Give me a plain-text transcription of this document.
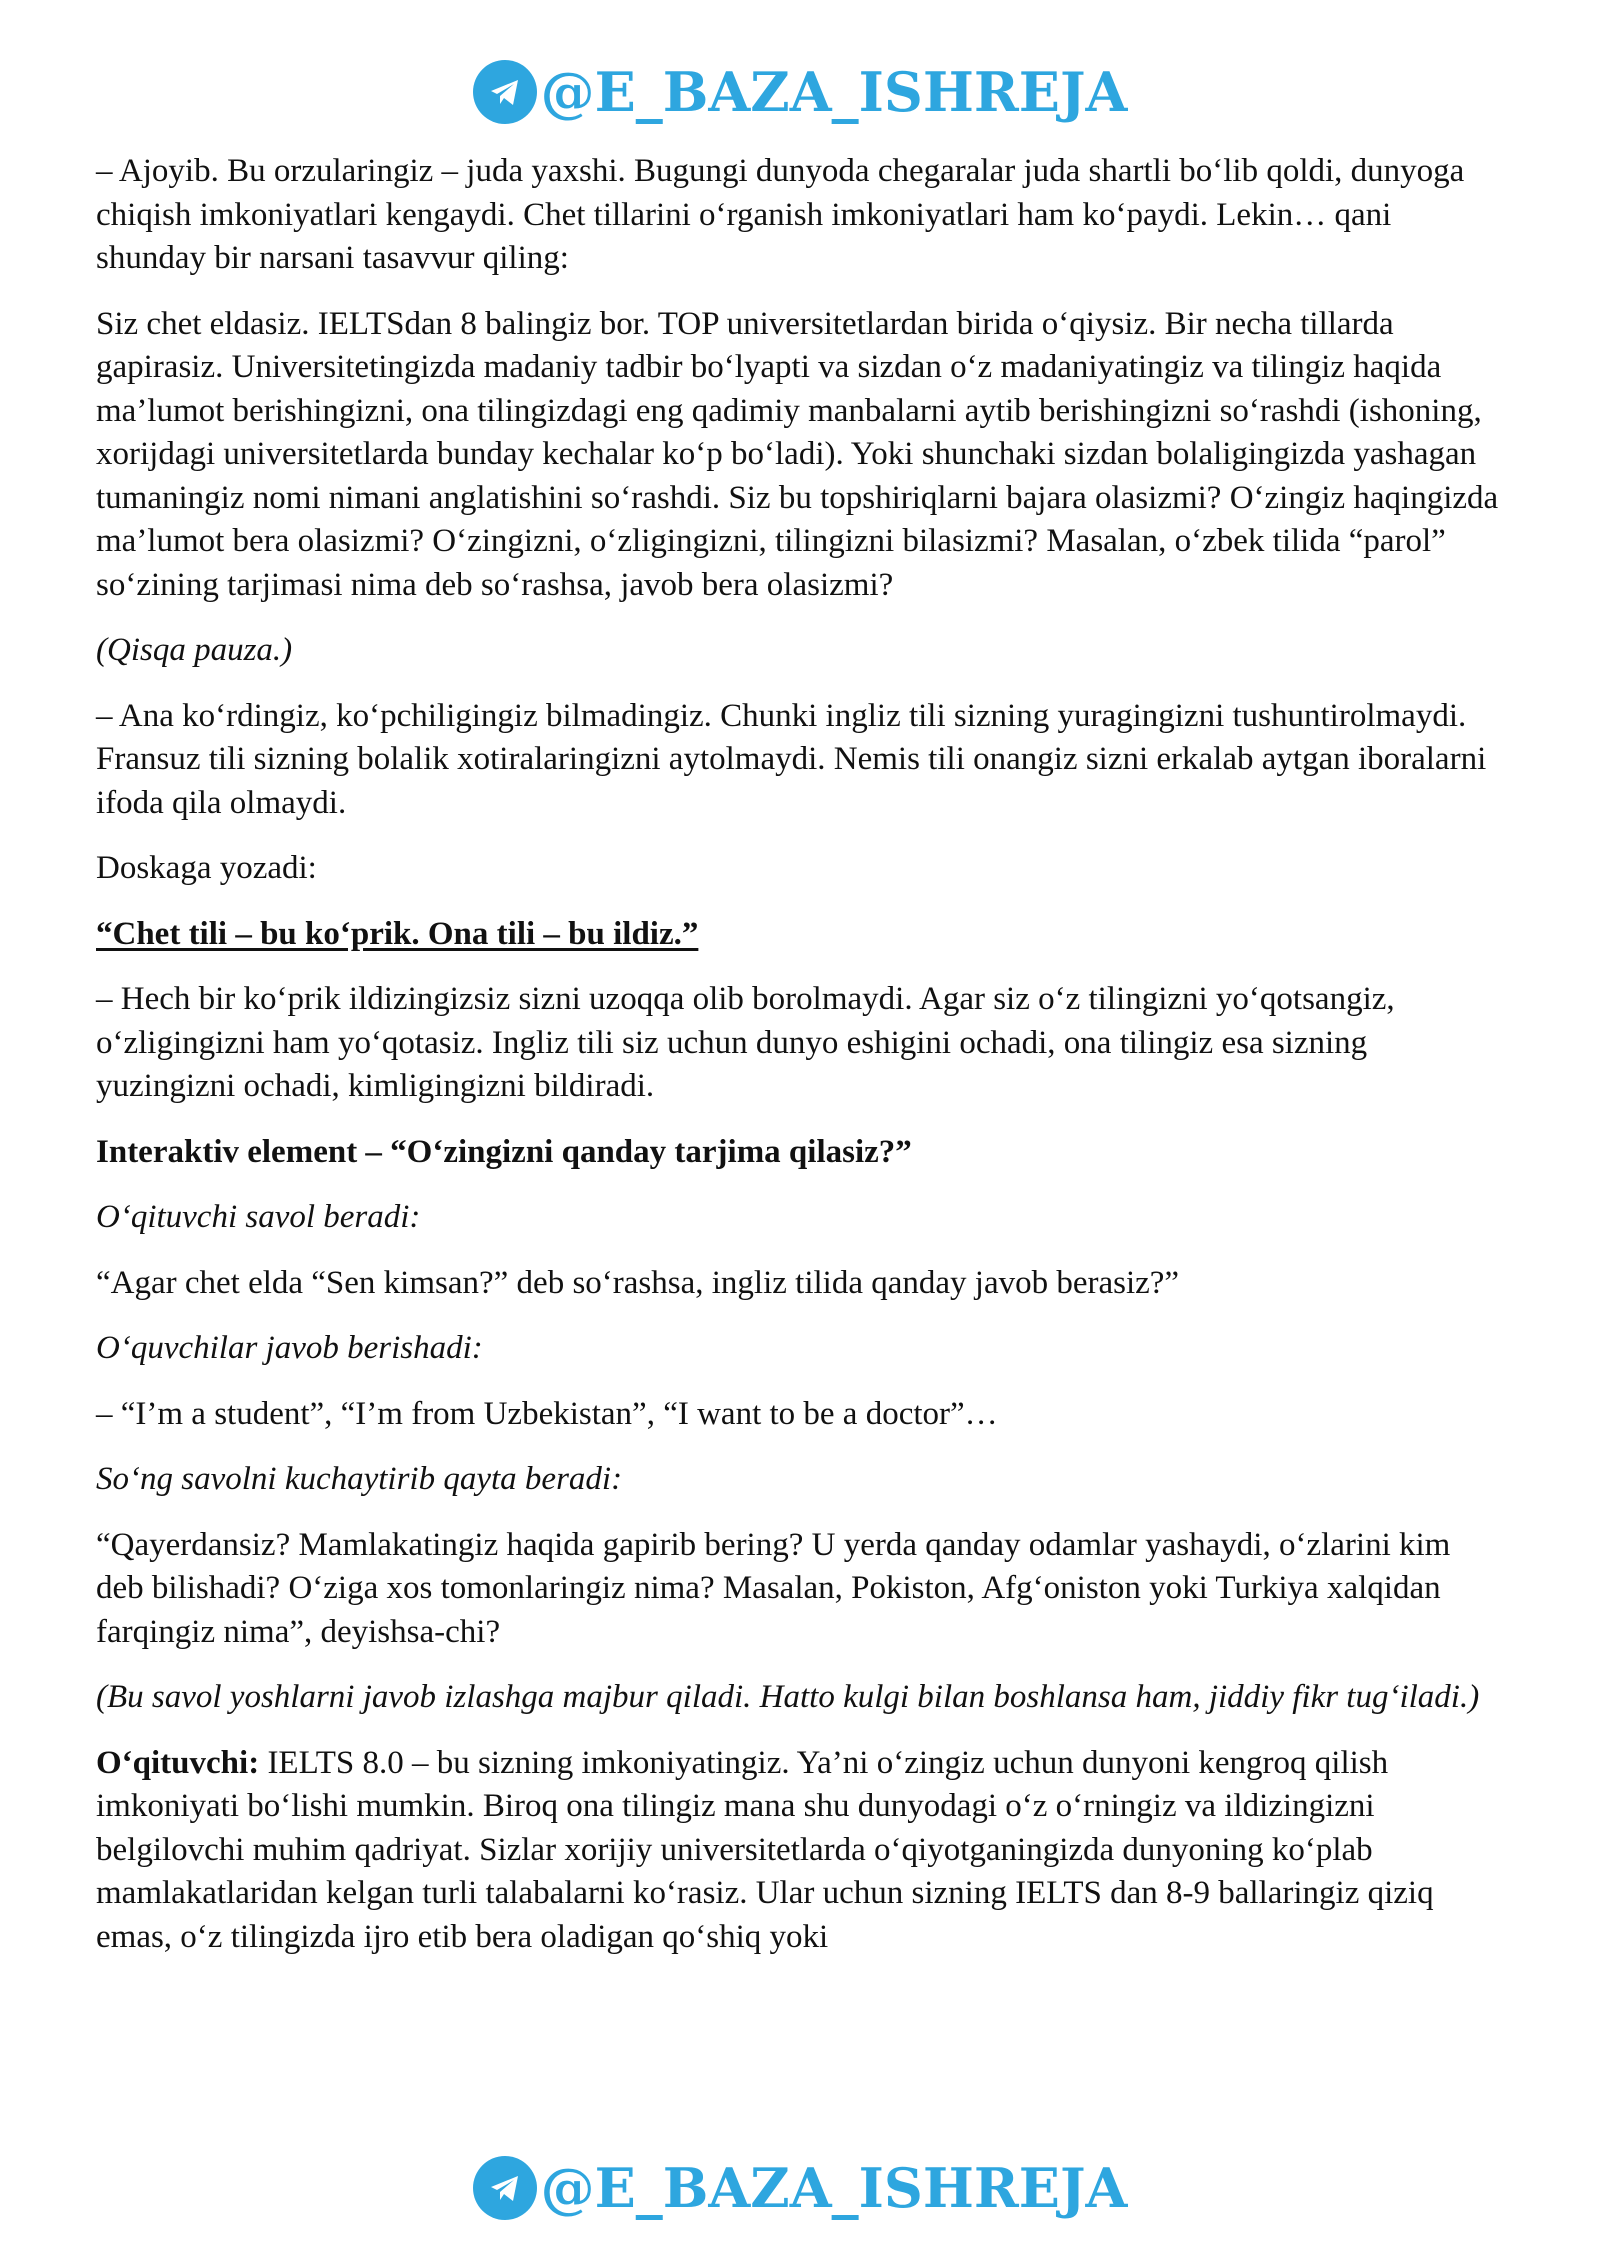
@E_BAZA_ISHREJA

– Ajoyib. Bu orzularingiz – juda yaxshi. Bugungi dunyoda chegaralar juda shartli bo‘lib qoldi, dunyoga chiqish imkoniyatlari kengaydi. Chet tillarini o‘rganish imkoniyatlari ham ko‘paydi. Lekin… qani shunday bir narsani tasavvur qiling:

Siz chet eldasiz. IELTSdan 8 balingiz bor. TOP universitetlardan birida o‘qiysiz. Bir necha tillarda gapirasiz. Universitetingizda madaniy tadbir bo‘lyapti va sizdan o‘z madaniyatingiz va tilingiz haqida ma’lumot berishingizni, ona tilingizdagi eng qadimiy manbalarni aytib berishingizni so‘rashdi (ishoning, xorijdagi universitetlarda bunday kechalar ko‘p bo‘ladi). Yoki shunchaki sizdan bolaligingizda yashagan tumaningiz nomi nimani anglatishini so‘rashdi. Siz bu topshiriqlarni bajara olasizmi? O‘zingiz haqingizda ma’lumot bera olasizmi? O‘zingizni, o‘zligingizni, tilingizni bilasizmi? Masalan, o‘zbek tilida “parol” so‘zining tarjimasi nima deb so‘rashsa, javob bera olasizmi?

(Qisqa pauza.)

– Ana ko‘rdingiz, ko‘pchiligingiz bilmadingiz. Chunki ingliz tili sizning yuragingizni tushuntirolmaydi. Fransuz tili sizning bolalik xotiralaringizni aytolmaydi. Nemis tili onangiz sizni erkalab aytgan iboralarni ifoda qila olmaydi.

Doskaga yozadi:

“Chet tili – bu ko‘prik. Ona tili – bu ildiz.”

– Hech bir ko‘prik ildizingizsiz sizni uzoqqa olib borolmaydi. Agar siz o‘z tilingizni yo‘qotsangiz, o‘zligingizni ham yo‘qotasiz. Ingliz tili siz uchun dunyo eshigini ochadi, ona tilingiz esa sizning yuzingizni ochadi, kimligingizni bildiradi.

Interaktiv element – “O‘zingizni qanday tarjima qilasiz?”

O‘qituvchi savol beradi:

“Agar chet elda “Sen kimsan?” deb so‘rashsa, ingliz tilida qanday javob berasiz?”

O‘quvchilar javob berishadi:

– “I’m a student”, “I’m from Uzbekistan”, “I want to be a doctor”…

So‘ng savolni kuchaytirib qayta beradi:

“Qayerdansiz? Mamlakatingiz haqida gapirib bering? U yerda qanday odamlar yashaydi, o‘zlarini kim deb bilishadi? O‘ziga xos tomonlaringiz nima? Masalan, Pokiston, Afg‘oniston yoki Turkiya xalqidan farqingiz nima”, deyishsa-chi?

(Bu savol yoshlarni javob izlashga majbur qiladi. Hatto kulgi bilan boshlansa ham, jiddiy fikr tug‘iladi.)

O‘qituvchi: IELTS 8.0 – bu sizning imkoniyatingiz. Ya’ni o‘zingiz uchun dunyoni kengroq qilish imkoniyati bo‘lishi mumkin. Biroq ona tilingiz mana shu dunyodagi o‘z o‘rningiz va ildizingizni belgilovchi muhim qadriyat. Sizlar xorijiy universitetlarda o‘qiyotganingizda dunyoning ko‘plab mamlakatlaridan kelgan turli talabalarni ko‘rasiz. Ular uchun sizning IELTS dan 8-9 ballaringiz qiziq emas, o‘z tilingizda ijro etib bera oladigan qo‘shiq yoki

@E_BAZA_ISHREJA
